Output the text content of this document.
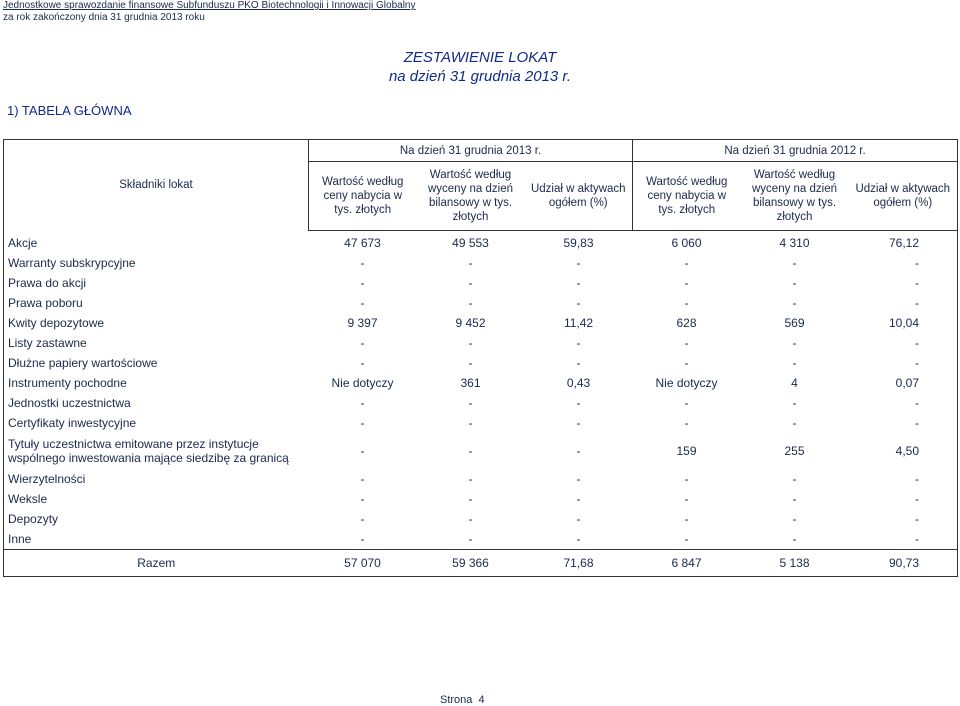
Jednostkowe sprawozdanie finansowe Subfunduszu PKO Biotechnologii i Innowacji Globalny
za rok zakończony dnia 31 grudnia 2013 roku
ZESTAWIENIE LOKAT
na dzień 31 grudnia 2013 r.
1) TABELA GŁÓWNA
Składniki lokat	Na dzień 31 grudnia 2013 r.			Na dzień 31 grudnia 2012 r.		
	Wartość według ceny nabycia w tys. złotych	Wartość według wyceny na dzień bilansowy w tys. złotych	Udział w aktywach ogółem (%)	Wartość według ceny nabycia w tys. złotych	Wartość według wyceny na dzień bilansowy w tys. złotych	Udział w aktywach ogółem (%)
Akcje	47 673	49 553	59,83	6 060	4 310	76,12
Warranty subskrypcyjne	-	-	-	-	-	-
Prawa do akcji	-	-	-	-	-	-
Prawa poboru	-	-	-	-	-	-
Kwity depozytowe	9 397	9 452	11,42	628	569	10,04
Listy zastawne	-	-	-	-	-	-
Dłużne papiery wartościowe	-	-	-	-	-	-
Instrumenty pochodne	Nie dotyczy	361	0,43	Nie dotyczy	4	0,07
Jednostki uczestnictwa	-	-	-	-	-	-
Certyfikaty inwestycyjne	-	-	-	-	-	-
Tytuły uczestnictwa emitowane przez instytucje wspólnego inwestowania mające siedzibę za granicą	-	-	-	159	255	4,50
Wierzytelności	-	-	-	-	-	-
Weksle	-	-	-	-	-	-
Depozyty	-	-	-	-	-	-
Inne	-	-	-	-	-	-
Razem	57 070	59 366	71,68	6 847	5 138	90,73
Strona 4
